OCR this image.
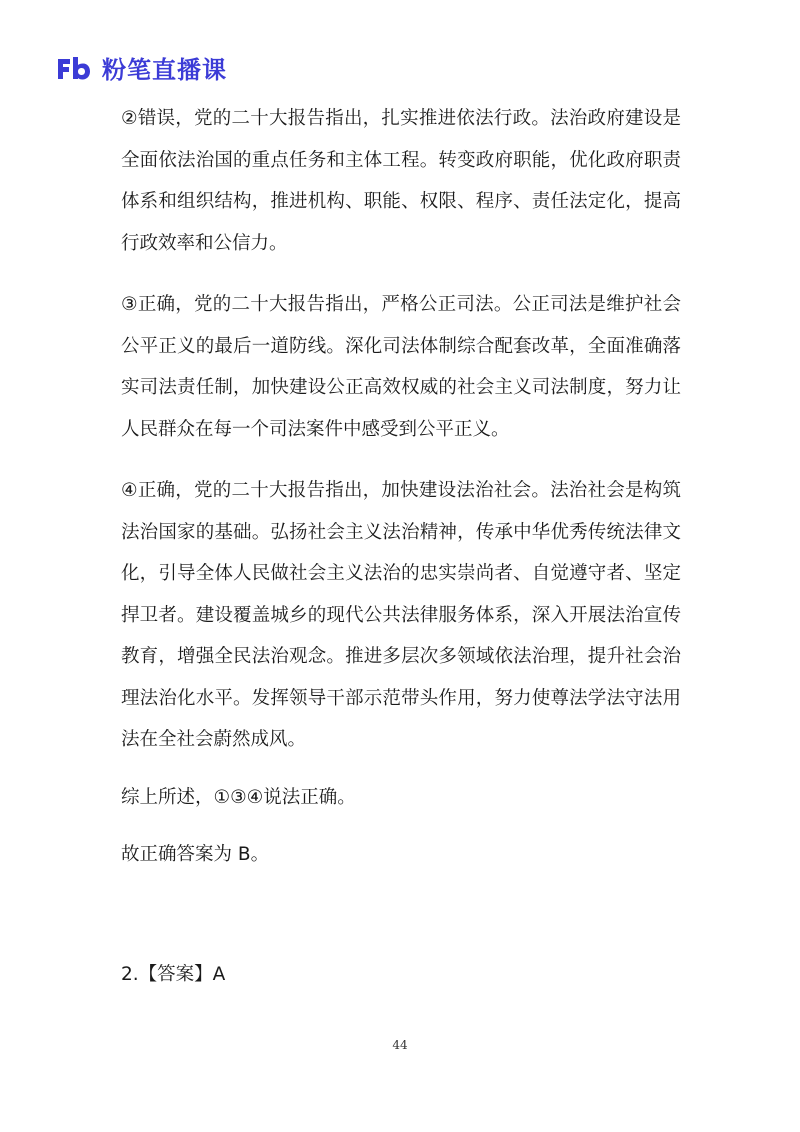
粉笔直播课

②错误，党的二十大报告指出，扎实推进依法行政。法治政府建设是全面依法治国的重点任务和主体工程。转变政府职能，优化政府职责体系和组织结构，推进机构、职能、权限、程序、责任法定化，提高行政效率和公信力。

③正确，党的二十大报告指出，严格公正司法。公正司法是维护社会公平正义的最后一道防线。深化司法体制综合配套改革，全面准确落实司法责任制，加快建设公正高效权威的社会主义司法制度，努力让人民群众在每一个司法案件中感受到公平正义。

④正确，党的二十大报告指出，加快建设法治社会。法治社会是构筑法治国家的基础。弘扬社会主义法治精神，传承中华优秀传统法律文化，引导全体人民做社会主义法治的忠实崇尚者、自觉遵守者、坚定捍卫者。建设覆盖城乡的现代公共法律服务体系，深入开展法治宣传教育，增强全民法治观念。推进多层次多领域依法治理，提升社会治理法治化水平。发挥领导干部示范带头作用，努力使尊法学法守法用法在全社会蔚然成风。

综上所述，①③④说法正确。

故正确答案为 B。

2.【答案】A

44
